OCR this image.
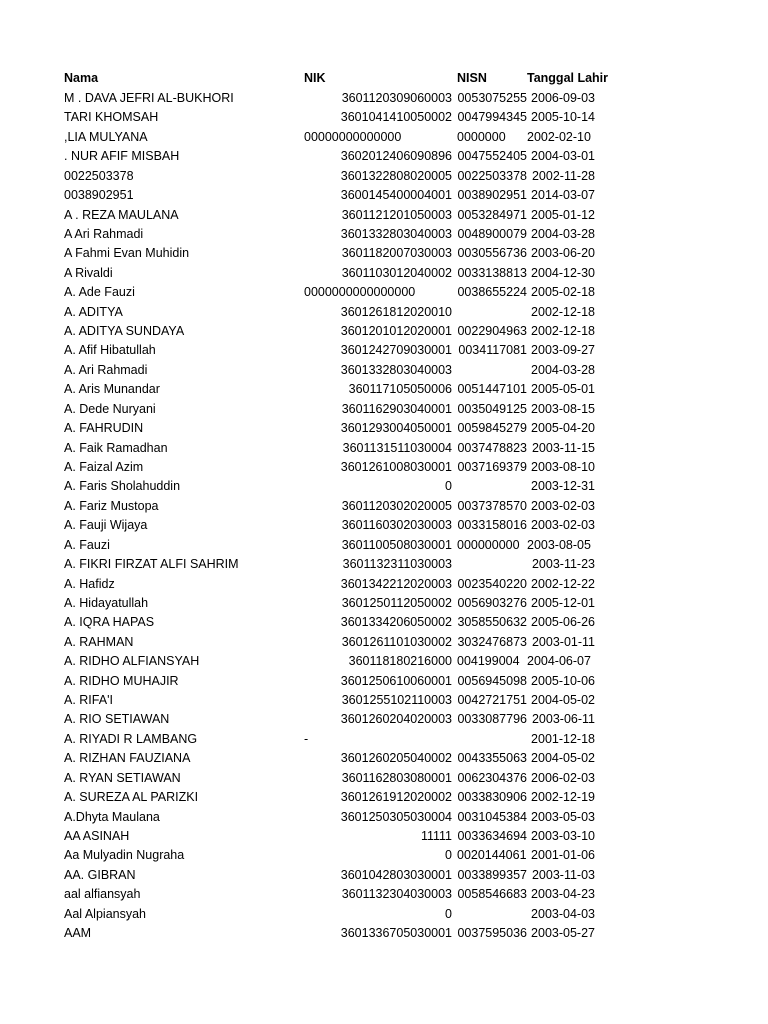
Nama	NIK	NISN	Tanggal Lahir
M . DAVA JEFRI AL-BUKHORI	3601120309060003 0053075255 2006-09-03
TARI KHOMSAH	3601041410050002 0047994345 2005-10-14
,LIA MULYANA	00000000000000	0000000	2002-02-10
. NUR AFIF MISBAH	3602012406090896 0047552405 2004-03-01
0022503378	3601322808020005 0022503378 2002-11-28
0038902951	3600145400004001 0038902951 2014-03-07
A . REZA MAULANA	3601121201050003 0053284971 2005-01-12
A Ari Rahmadi	3601332803040003 0048900079 2004-03-28
A Fahmi Evan Muhidin	3601182007030003 0030556736 2003-06-20
A Rivaldi	3601103012040002 0033138813 2004-12-30
A. Ade Fauzi	0000000000000000	0038655224 2005-02-18
A. ADITYA	3601261812020010	2002-12-18
A. ADITYA SUNDAYA	3601201012020001 0022904963 2002-12-18
A. Afif Hibatullah	3601242709030001 0034117081 2003-09-27
A. Ari Rahmadi	3601332803040003	2004-03-28
A. Aris Munandar	360117105050006 0051447101 2005-05-01
A. Dede Nuryani	3601162903040001 0035049125 2003-08-15
A. FAHRUDIN	3601293004050001 0059845279 2005-04-20
A. Faik Ramadhan	3601131511030004 0037478823 2003-11-15
A. Faizal Azim	3601261008030001 0037169379 2003-08-10
A. Faris Sholahuddin	0	2003-12-31
A. Fariz Mustopa	3601120302020005 0037378570 2003-02-03
A. Fauji Wijaya	3601160302030003 0033158016 2003-02-03
A. Fauzi	3601100508030001 000000000 2003-08-05
A. FIKRI FIRZAT ALFI SAHRIM	3601132311030003	2003-11-23
A. Hafidz	3601342212020003 0023540220 2002-12-22
A. Hidayatullah	3601250112050002 0056903276 2005-12-01
A. IQRA HAPAS	3601334206050002 3058550632 2005-06-26
A. RAHMAN	3601261101030002 3032476873 2003-01-11
A. RIDHO ALFIANSYAH	360118180216000 004199004 2004-06-07
A. RIDHO MUHAJIR	3601250610060001 0056945098 2005-10-06
A. RIFA'I	3601255102110003 0042721751 2004-05-02
A. RIO SETIAWAN	3601260204020003 0033087796 2003-06-11
A. RIYADI R LAMBANG	-	2001-12-18
A. RIZHAN FAUZIANA	3601260205040002 0043355063 2004-05-02
A. RYAN SETIAWAN	3601162803080001 0062304376 2006-02-03
A. SUREZA AL PARIZKI	3601261912020002 0033830906 2002-12-19
A.Dhyta Maulana	3601250305030004 0031045384 2003-05-03
AA ASINAH	11111 0033634694 2003-03-10
Aa Mulyadin Nugraha	0 0020144061 2001-01-06
AA. GIBRAN	3601042803030001 0033899357 2003-11-03
aal alfiansyah	3601132304030003 0058546683 2003-04-23
Aal Alpiansyah	0	2003-04-03
AAM	3601336705030001 0037595036 2003-05-27
